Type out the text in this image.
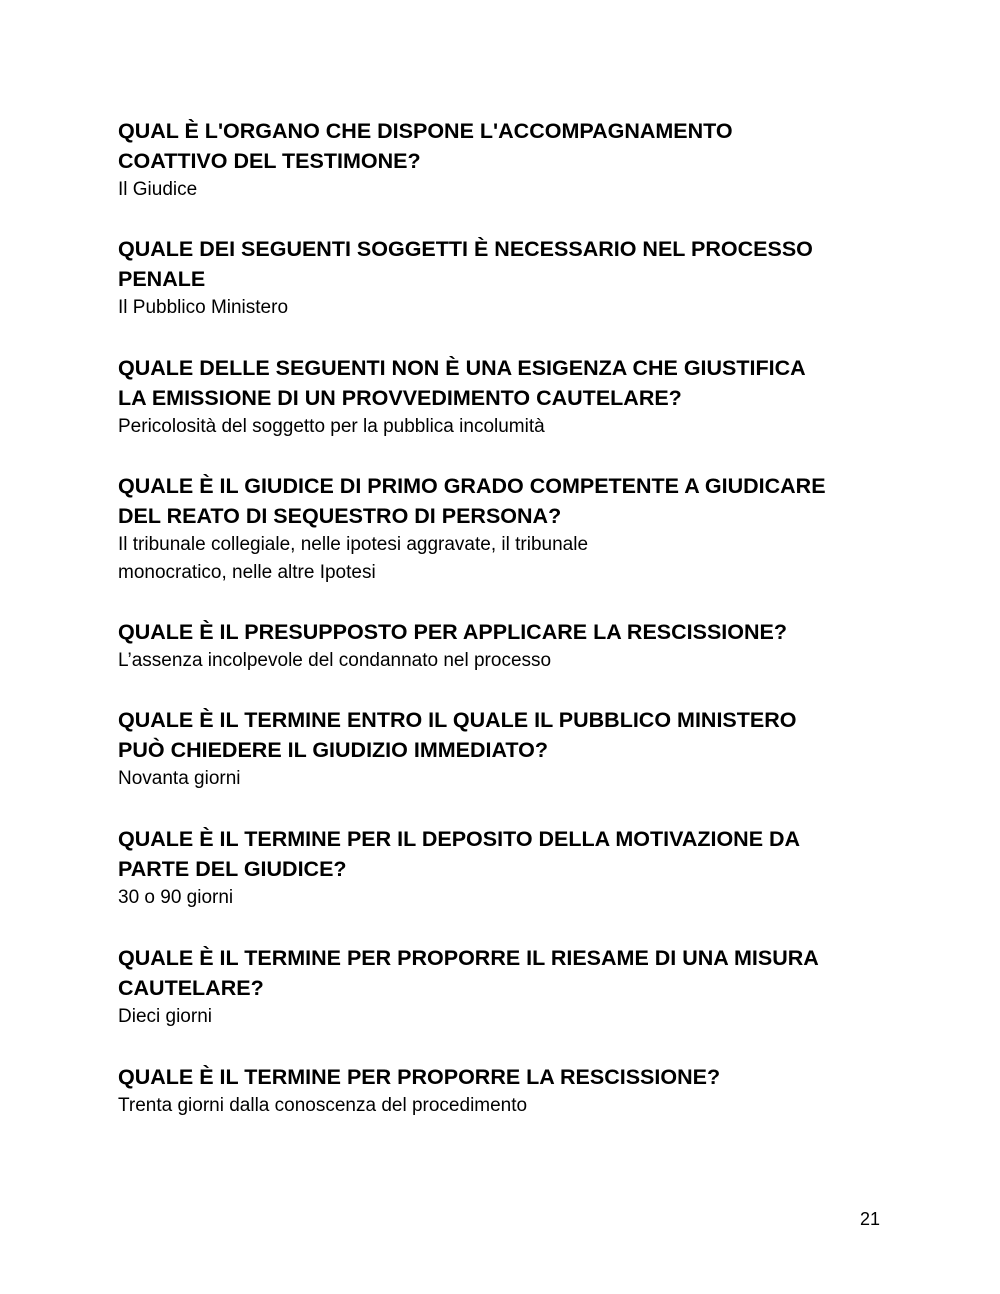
QUAL È L'ORGANO CHE DISPONE L'ACCOMPAGNAMENTO
COATTIVO DEL TESTIMONE?

Il Giudice

QUALE DEI SEGUENTI SOGGETTI È NECESSARIO NEL PROCESSO
PENALE

Il Pubblico Ministero

QUALE DELLE SEGUENTI NON È UNA ESIGENZA CHE GIUSTIFICA
LA EMISSIONE DI UN PROVVEDIMENTO CAUTELARE?

Pericolosità del soggetto per la pubblica incolumità

QUALE È IL GIUDICE DI PRIMO GRADO COMPETENTE A GIUDICARE
DEL REATO DI SEQUESTRO DI PERSONA?

Il tribunale collegiale, nelle ipotesi aggravate, il tribunale
monocratico, nelle altre Ipotesi

QUALE È IL PRESUPPOSTO PER APPLICARE LA RESCISSIONE?

L’assenza incolpevole del condannato nel processo

QUALE È IL TERMINE ENTRO IL QUALE IL PUBBLICO MINISTERO
PUÒ CHIEDERE IL GIUDIZIO IMMEDIATO?

Novanta giorni

QUALE È IL TERMINE PER IL DEPOSITO DELLA MOTIVAZIONE DA
PARTE DEL GIUDICE?

30 o 90 giorni

QUALE È IL TERMINE PER PROPORRE IL RIESAME DI UNA MISURA
CAUTELARE?

Dieci giorni

QUALE È IL TERMINE PER PROPORRE LA RESCISSIONE?

Trenta giorni dalla conoscenza del procedimento

21
